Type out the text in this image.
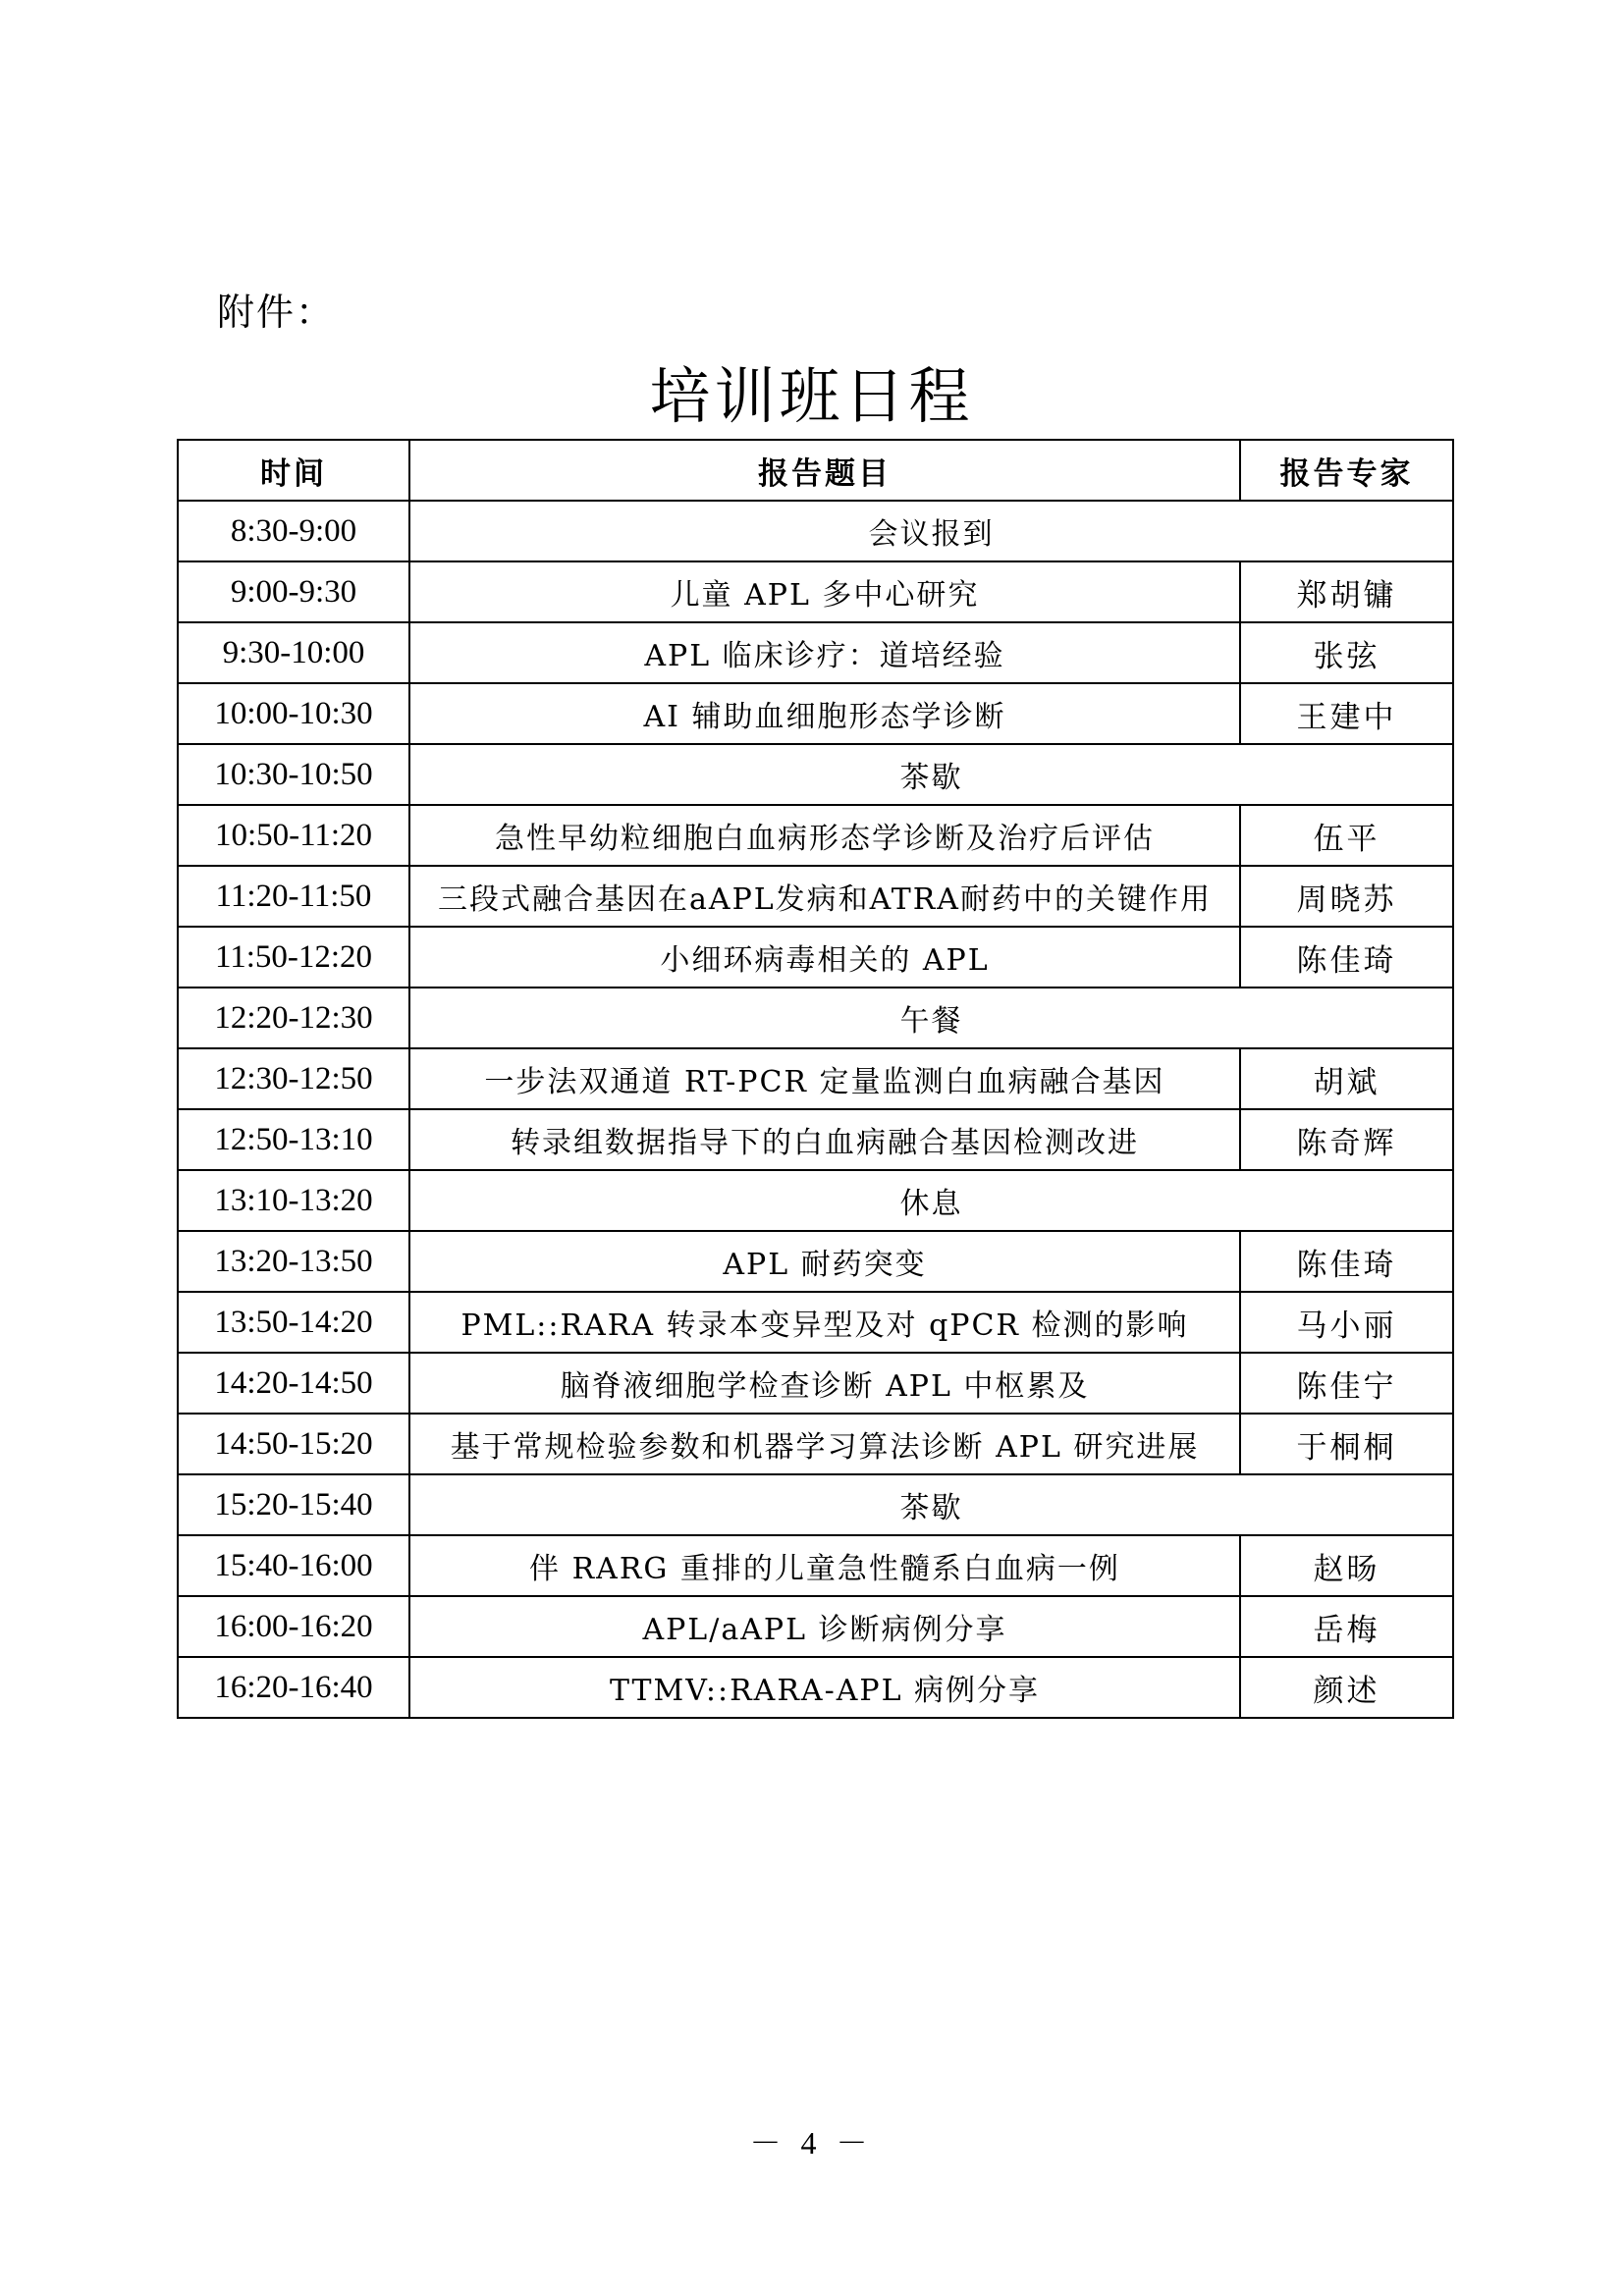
附件：
培训班日程
时间	报告题目	报告专家
8:30-9:00	会议报到	
9:00-9:30	儿童 APL 多中心研究	郑胡镛
9:30-10:00	APL 临床诊疗：道培经验	张弦
10:00-10:30	AI 辅助血细胞形态学诊断	王建中
10:30-10:50	茶歇	
10:50-11:20	急性早幼粒细胞白血病形态学诊断及治疗后评估	伍平
11:20-11:50	三段式融合基因在aAPL发病和ATRA耐药中的关键作用	周晓苏
11:50-12:20	小细环病毒相关的 APL	陈佳琦
12:20-12:30	午餐	
12:30-12:50	一步法双通道 RT-PCR 定量监测白血病融合基因	胡斌
12:50-13:10	转录组数据指导下的白血病融合基因检测改进	陈奇辉
13:10-13:20	休息	
13:20-13:50	APL 耐药突变	陈佳琦
13:50-14:20	PML::RARA 转录本变异型及对 qPCR 检测的影响	马小丽
14:20-14:50	脑脊液细胞学检查诊断 APL 中枢累及	陈佳宁
14:50-15:20	基于常规检验参数和机器学习算法诊断 APL 研究进展	于桐桐
15:20-15:40	茶歇	
15:40-16:00	伴 RARG 重排的儿童急性髓系白血病一例	赵旸
16:00-16:20	APL/aAPL 诊断病例分享	岳梅
16:20-16:40	TTMV::RARA-APL 病例分享	颜述
－ 4 －
